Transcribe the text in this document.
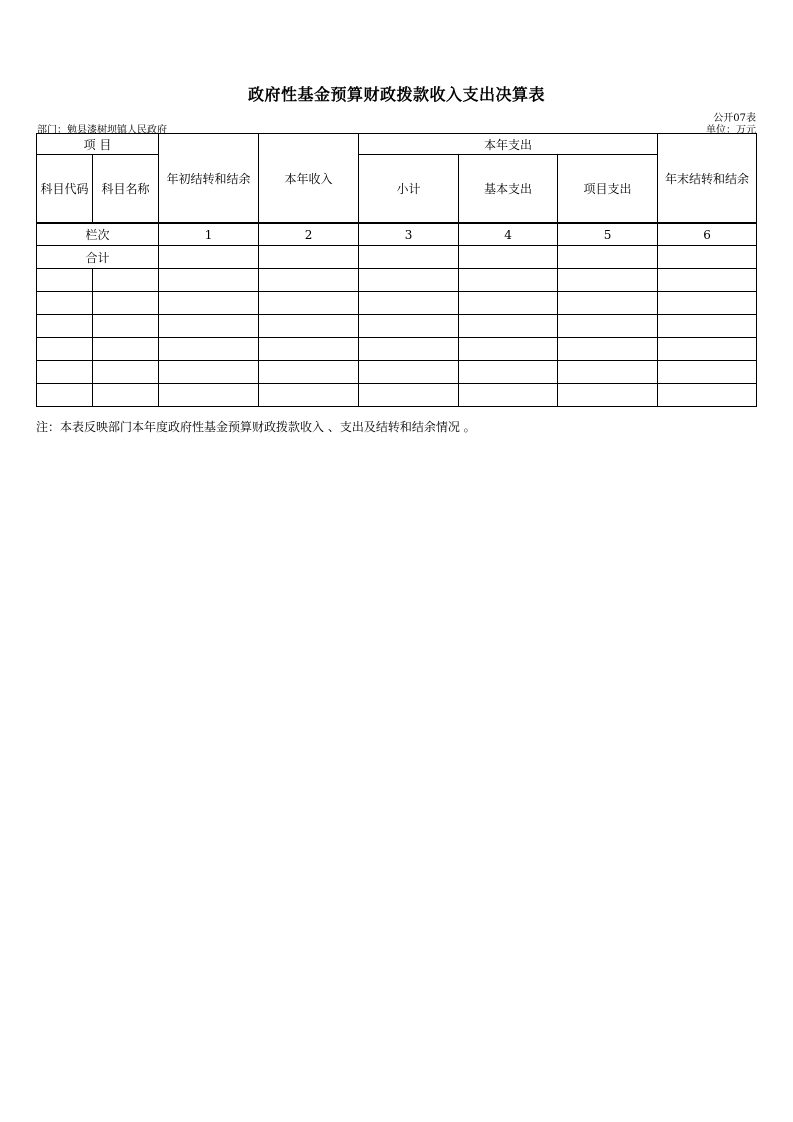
政府性基金预算财政拨款收入支出决算表
公开07表
部门：勉县漆树坝镇人民政府	单位：万元
项 目		年初结转和结余	本年收入	本年支出			年末结转和结余
科目代码	科目名称			小计	基本支出	项目支出	
栏次		1	2	3	4	5	6
合计							

注：本表反映部门本年度政府性基金预算财政拨款收入 、支出及结转和结余情况 。
